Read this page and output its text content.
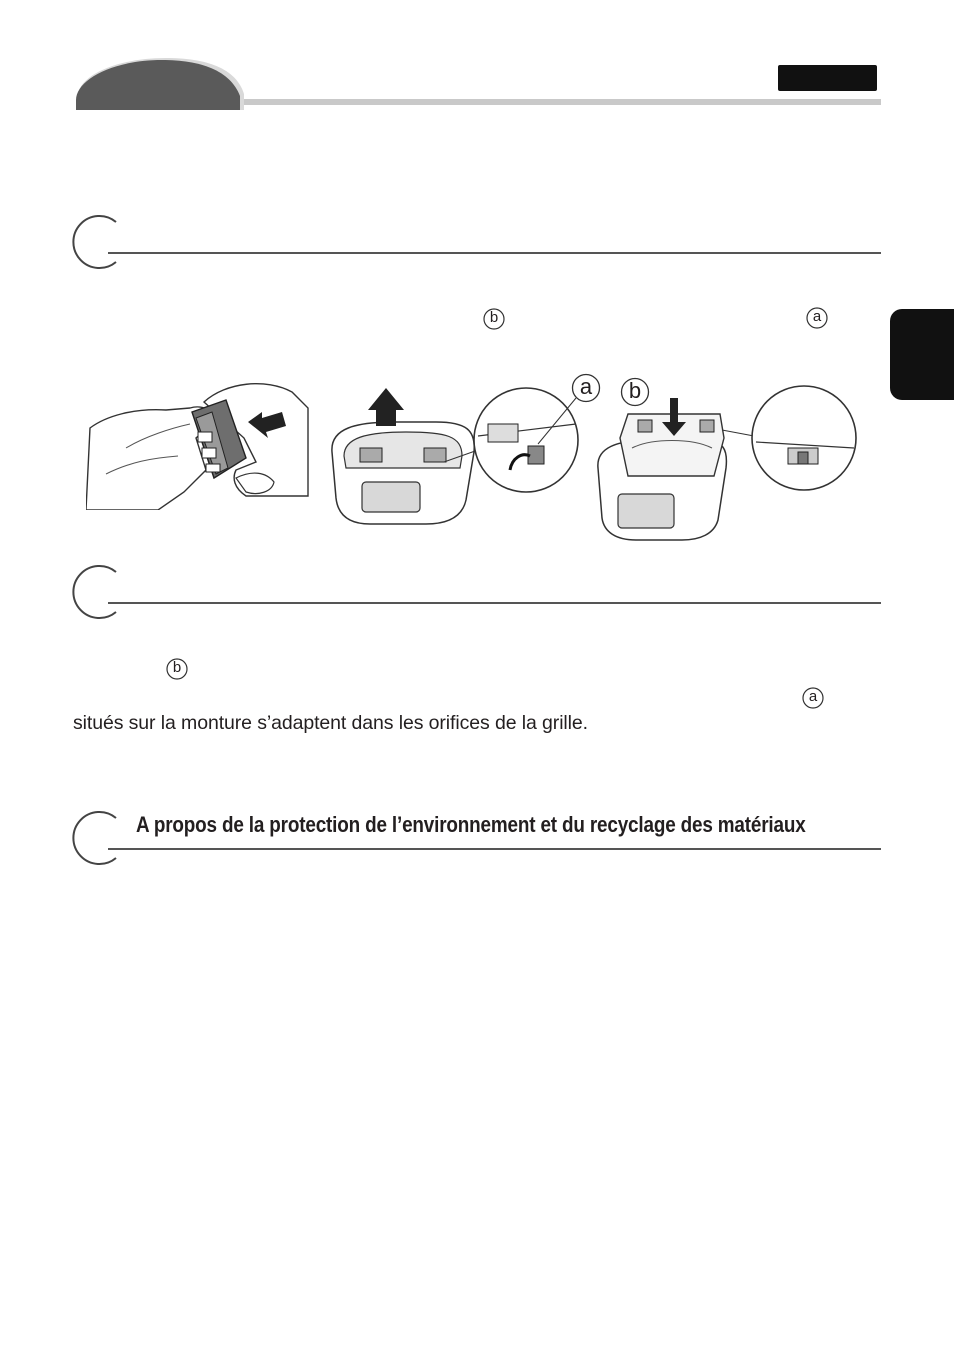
b	a
a	b
b
a
situés sur la monture s’adaptent dans les orifices de la grille.
A propos de la protection de l’environnement et du recyclage des matériaux
